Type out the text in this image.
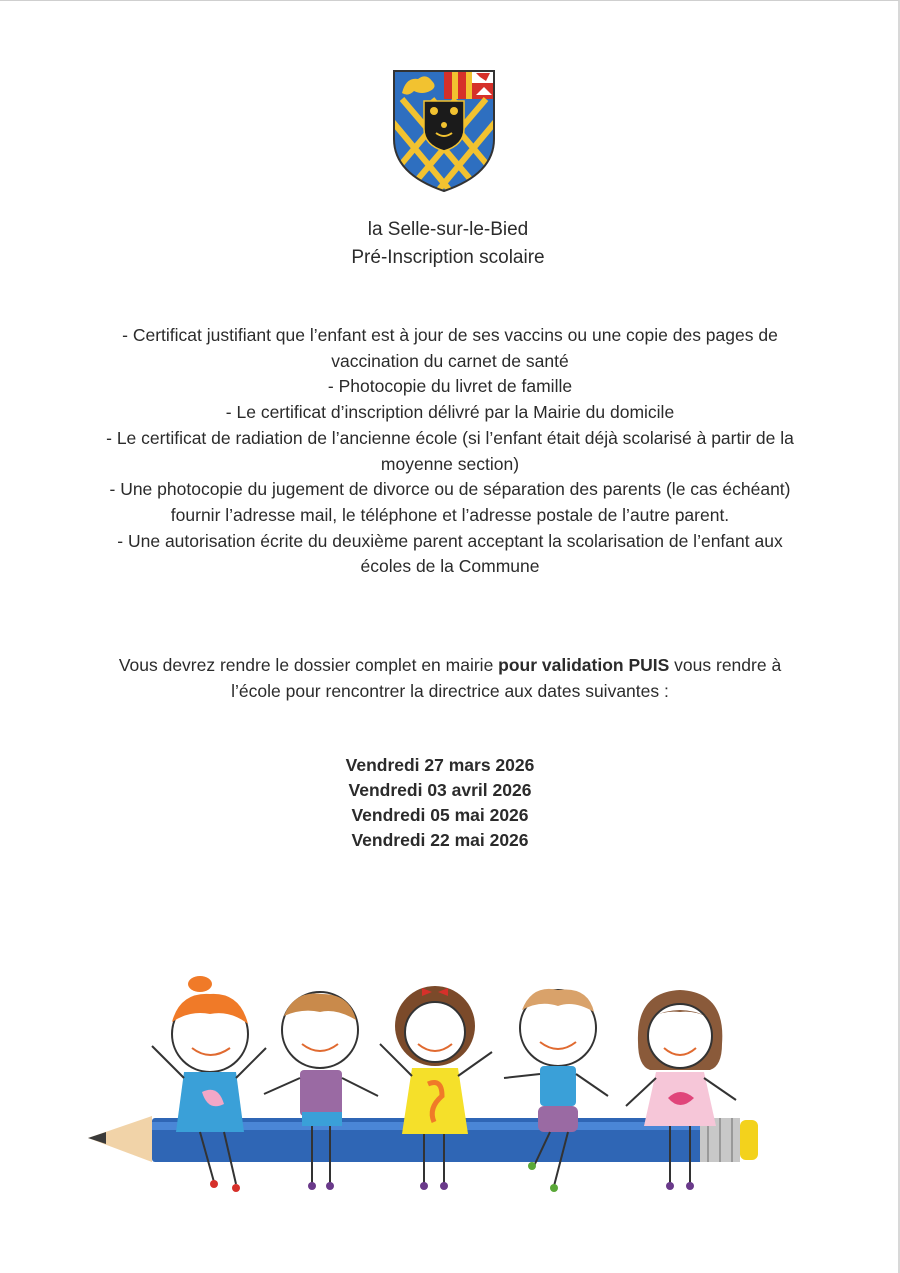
la Selle-sur-le-Bied
Pré-Inscription scolaire

- Certificat justifiant que l’enfant est à jour de ses vaccins ou une copie des pages de vaccination du carnet de santé

- Photocopie du livret de famille

- Le certificat d’inscription délivré par la Mairie du domicile

- Le certificat de radiation de l’ancienne école (si l’enfant était déjà scolarisé à partir de la moyenne section)

- Une photocopie du jugement de divorce ou de séparation des parents (le cas échéant) fournir l’adresse mail, le téléphone et l’adresse postale de l’autre parent.

- Une autorisation écrite du deuxième parent acceptant la scolarisation de l’enfant aux écoles de la Commune

Vous devrez rendre le dossier complet en mairie pour validation PUIS vous rendre à l’école pour rencontrer la directrice aux dates suivantes :

Vendredi 27 mars 2026

Vendredi 03 avril 2026

Vendredi 05 mai 2026

Vendredi 22 mai 2026
